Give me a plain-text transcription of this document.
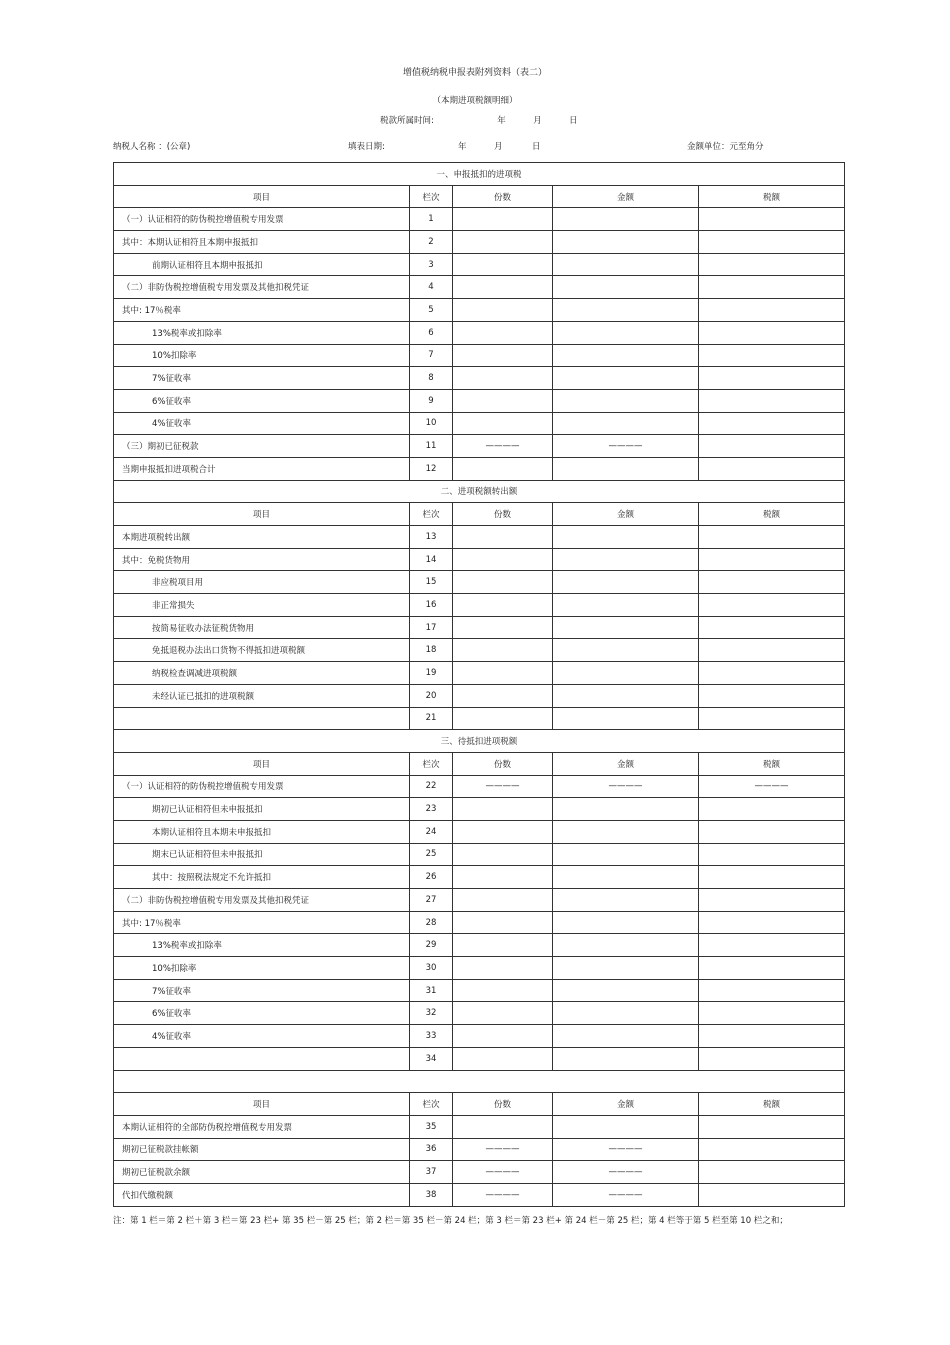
增值税纳税申报表附列资料（表二）
（本期进项税额明细）
税款所属时间:	年	月	日
纳税人名称 ：(公章)	填表日期:	年	月	日	金额单位：元至角分
一、申报抵扣的进项税				
项目	栏次	份数	金额	税额
（一）认证相符的防伪税控增值税专用发票	1			
其中：本期认证相符且本期申报抵扣	2			
前期认证相符且本期申报抵扣	3			
（二）非防伪税控增值税专用发票及其他扣税凭证	4			
其中: 17％税率	5			
13%税率或扣除率	6			
10%扣除率	7			
7%征收率	8			
6%征收率	9			
4%征收率	10			
（三）期初已征税款	11	————	————	
当期申报抵扣进项税合计	12			
二、进项税额转出额				
项目	栏次	份数	金额	税额
本期进项税转出额	13			
其中：免税货物用	14			
非应税项目用	15			
非正常损失	16			
按简易征收办法征税货物用	17			
免抵退税办法出口货物不得抵扣进项税额	18			
纳税检查调减进项税额	19			
未经认证已抵扣的进项税额	20			
	21			
三、待抵扣进项税额				
项目	栏次	份数	金额	税额
（一）认证相符的防伪税控增值税专用发票	22	————	————	————
期初已认证相符但未申报抵扣	23			
本期认证相符且本期未申报抵扣	24			
期末已认证相符但未申报抵扣	25			
其中：按照税法规定不允许抵扣	26			
（二）非防伪税控增值税专用发票及其他扣税凭证	27			
其中: 17％税率	28			
13%税率或扣除率	29			
10%扣除率	30			
7%征收率	31			
6%征收率	32			
4%征收率	33			
	34			

项目	栏次	份数	金额	税额
本期认证相符的全部防伪税控增值税专用发票	35			
期初已征税款挂帐额	36	————	————	
期初已征税款余额	37	————	————	
代扣代缴税额	38	————	————	
注：第 1 栏＝第 2 栏＋第 3 栏＝第 23 栏+ 第 35 栏－第 25 栏；第 2 栏＝第 35 栏－第 24 栏；第 3 栏＝第 23 栏+ 第 24 栏－第 25 栏；第 4 栏等于第 5 栏至第 10 栏之和；
